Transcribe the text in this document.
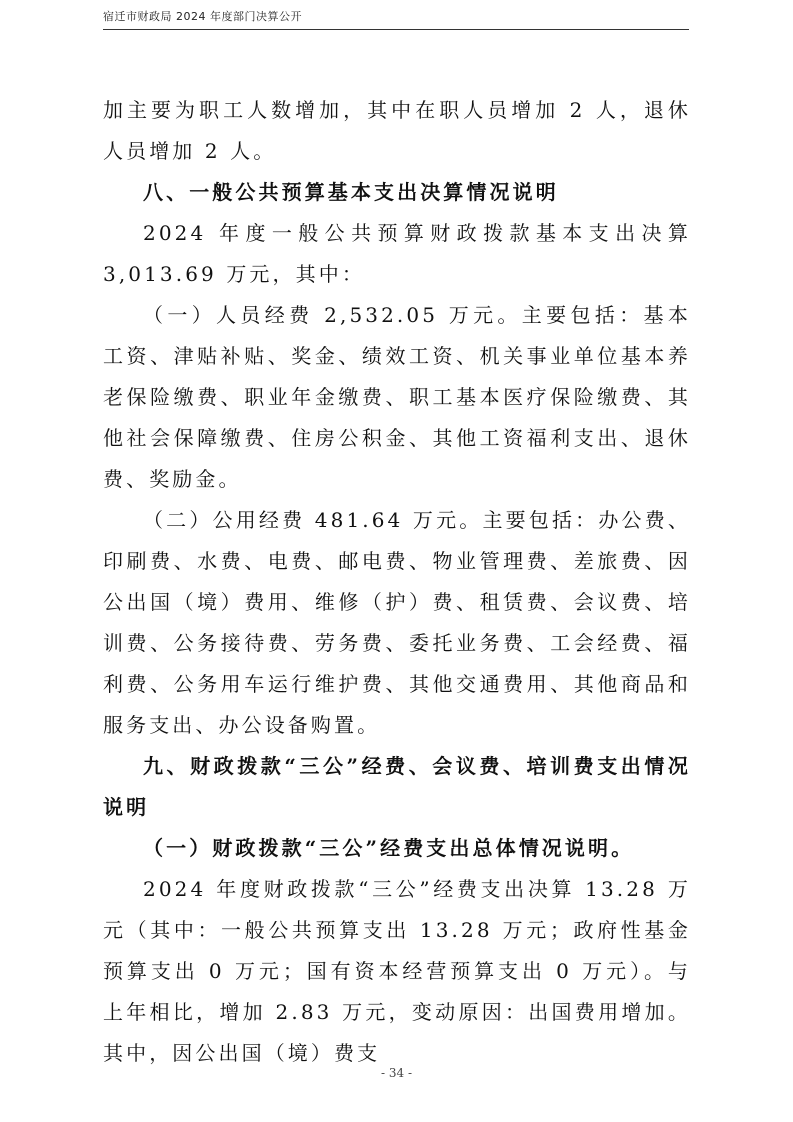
宿迁市财政局 2024 年度部门决算公开

加主要为职工人数增加，其中在职人员增加 2 人，退休人员增加 2 人。

八、一般公共预算基本支出决算情况说明

2024 年度一般公共预算财政拨款基本支出决算 3,013.69 万元，其中：

（一）人员经费 2,532.05 万元。主要包括：基本工资、津贴补贴、奖金、绩效工资、机关事业单位基本养老保险缴费、职业年金缴费、职工基本医疗保险缴费、其他社会保障缴费、住房公积金、其他工资福利支出、退休费、奖励金。

（二）公用经费 481.64 万元。主要包括：办公费、印刷费、水费、电费、邮电费、物业管理费、差旅费、因公出国（境）费用、维修（护）费、租赁费、会议费、培训费、公务接待费、劳务费、委托业务费、工会经费、福利费、公务用车运行维护费、其他交通费用、其他商品和服务支出、办公设备购置。

九、财政拨款“三公”经费、会议费、培训费支出情况说明

（一）财政拨款“三公”经费支出总体情况说明。

2024 年度财政拨款“三公”经费支出决算 13.28 万元（其中：一般公共预算支出 13.28 万元；政府性基金预算支出 0 万元；国有资本经营预算支出 0 万元）。与上年相比，增加 2.83 万元，变动原因：出国费用增加。其中，因公出国（境）费支

- 34 -
